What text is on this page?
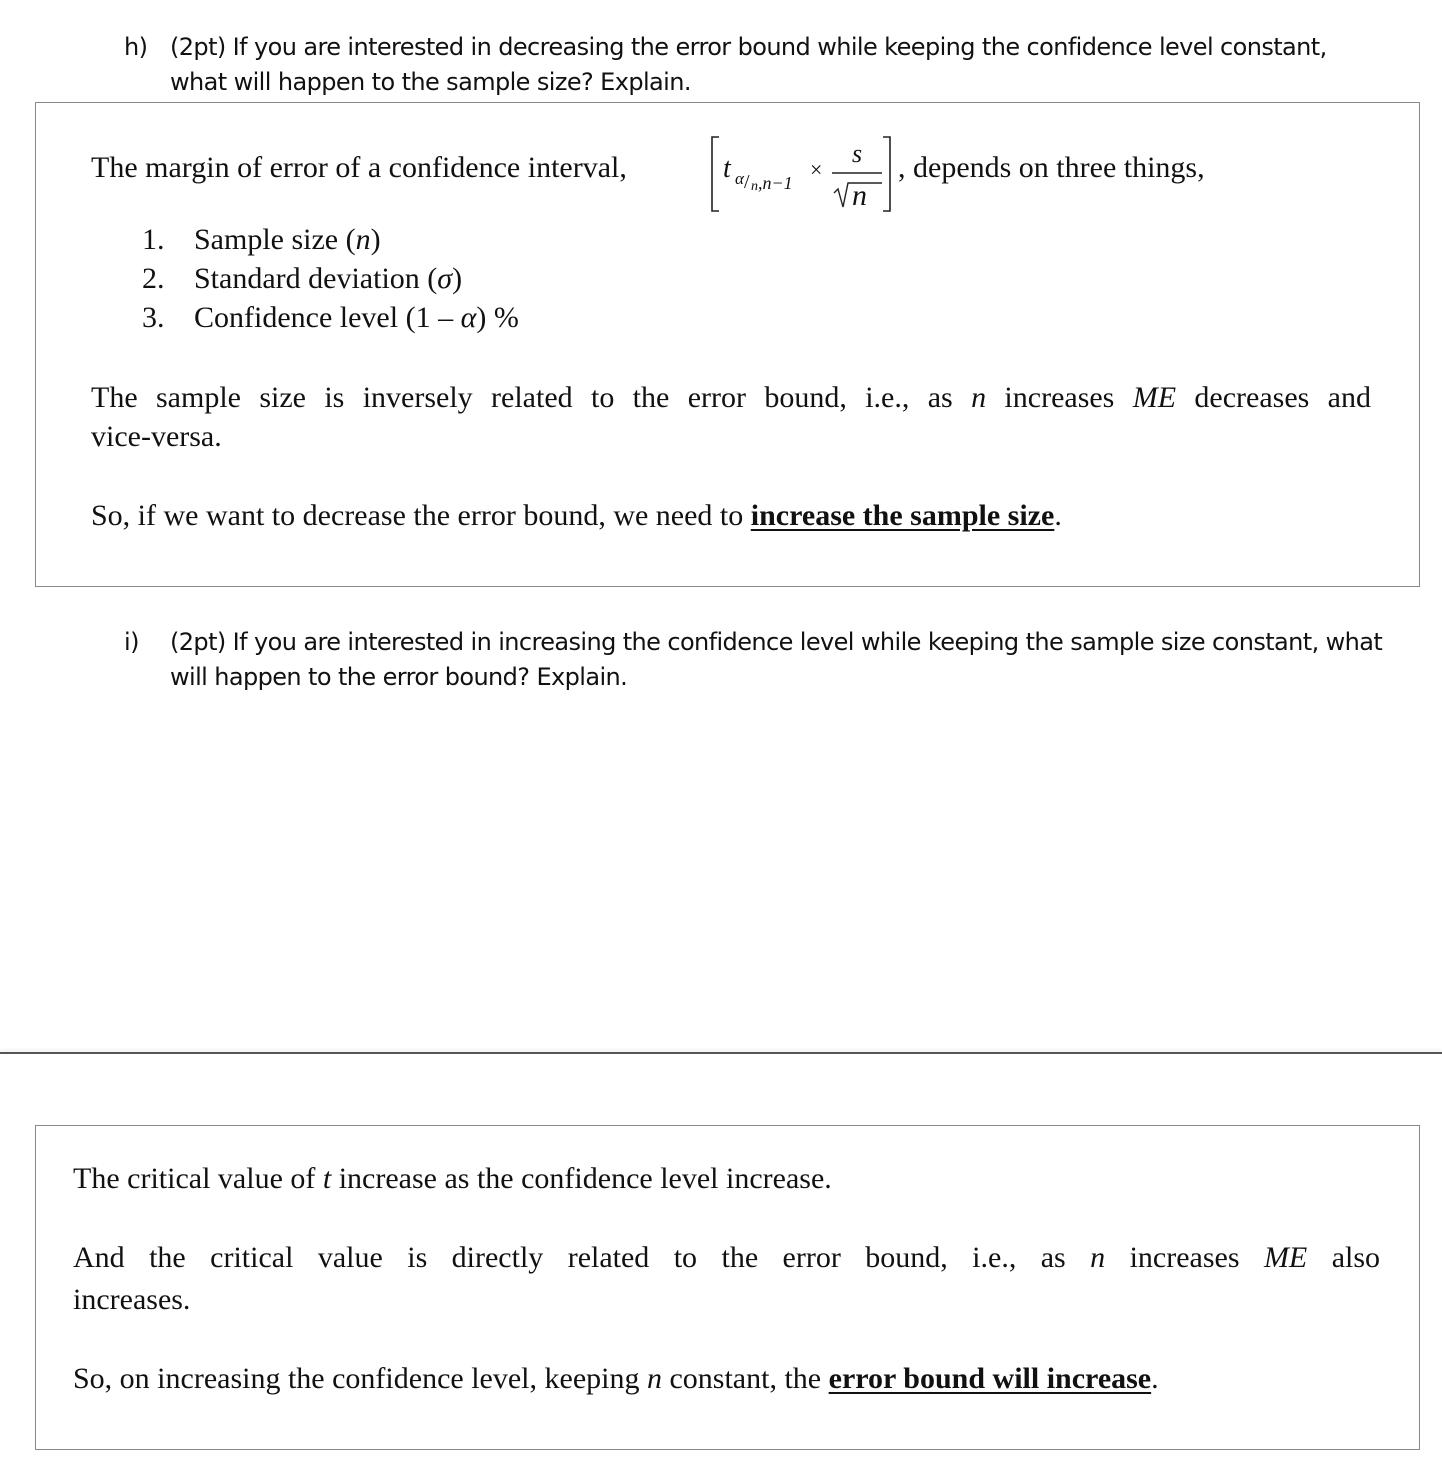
h) (2pt) If you are interested in decreasing the error bound while keeping the confidence level constant, what will happen to the sample size? Explain.
The margin of error of a confidence interval,	t α / n ,n−1
×
s
n
, depends on three things,
1. Sample size (n)
2. Standard deviation (σ)
3. Confidence level (1 – α) %
The sample size is inversely related to the error bound, i.e., as n increases ME decreases and
vice-versa.
So, if we want to decrease the error bound, we need to increase the sample size.
i) (2pt) If you are interested in increasing the confidence level while keeping the sample size constant, what will happen to the error bound? Explain.
The critical value of t increase as the confidence level increase.
And the critical value is directly related to the error bound, i.e., as n increases ME also
increases.
So, on increasing the confidence level, keeping n constant, the error bound will increase.
